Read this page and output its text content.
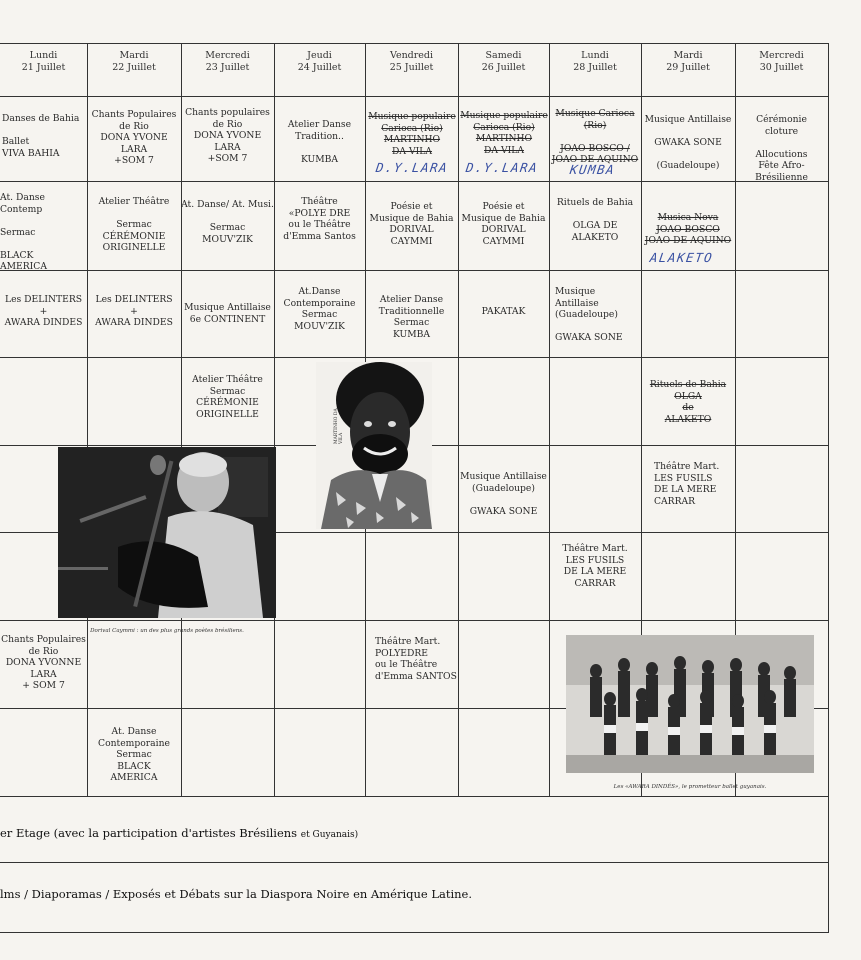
Lundi
21 Juillet
Mardi
22 Juillet
Mercredi
23 Juillet
Jeudi
24 Juillet
Vendredi
25 Juillet
Samedi
26 Juillet
Lundi
28 Juillet
Mardi
29 Juillet
Mercredi
30 Juillet
Danses de Bahia

Ballet
VIVA BAHIA
Chants Populaires
de Rio
DONA YVONE
LARA
+SOM 7
Chants populaires
de Rio
DONA YVONE
LARA
+SOM 7
Atelier Danse
Tradition..

KUMBA
Musique populaire
Carioca (Rio)
MARTINHO
DA VILA
Musique populaire
Carioca (Rio)
MARTINHO
DA VILA
Musique Carioca
(Rio)

JOAO BOSCO /
JOAO DE AQUINO
Musique Antillaise

GWAKA SONE

(Guadeloupe)
Cérémonie
cloture

Allocutions
Fête Afro-
Brésilienne
D.Y.LARA D.Y.LARA KUMBA
At. Danse Contemp

Sermac

BLACK
AMERICA
Atelier Théâtre

Sermac
CÉRÉMONIE
ORIGINELLE
At. Danse/ At. Musi.

Sermac
MOUV'ZIK
Théâtre
«POLYE DRE
ou le Théâtre
d'Emma Santos
Poésie et
Musique de Bahia
DORIVAL
CAYMMI
Poésie et
Musique de Bahia
DORIVAL
CAYMMI
Rituels de Bahia

OLGA DE
ALAKETO
Musica Nova
JOAO BOSCO
JOAO DE AQUINO
ALAKETO
Les DELINTERS
+
AWARA DINDES
Les DELINTERS
+
AWARA DINDES
Musique Antillaise
6e CONTINENT
At.Danse
Contemporaine
Sermac
MOUV'ZIK
Atelier Danse
Traditionnelle
Sermac
KUMBA
PAKATAK
Musique Antillaise
(Guadeloupe)

GWAKA SONE
Atelier Théâtre
Sermac
CÉRÉMONIE
ORIGINELLE
Rituels de Bahia
OLGA
de
ALAKETO
Musique Antillaise
(Guadeloupe)

GWAKA SONE
Théâtre Mart.
LES FUSILS
DE LA MERE
CARRAR
Théâtre Mart.
LES FUSILS
DE LA MERE
CARRAR
Chants Populaires
de Rio
DONA YVONNE
LARA
+ SOM 7
Théâtre Mart.
POLYEDRE
ou le Théâtre
d'Emma SANTOS
At. Danse
Contemporaine
Sermac
BLACK
AMERICA
Dorival Caymmi : un des plus grands poètes brésiliens.
MARTINHO DA VILA
Les «AWARA DINDÉS», le prometteur ballet guyanais.
er Etage (avec la participation d'artistes Brésiliens et Guyanais)
lms / Diaporamas / Exposés et Débats sur la Diaspora Noire en Amérique Latine.
